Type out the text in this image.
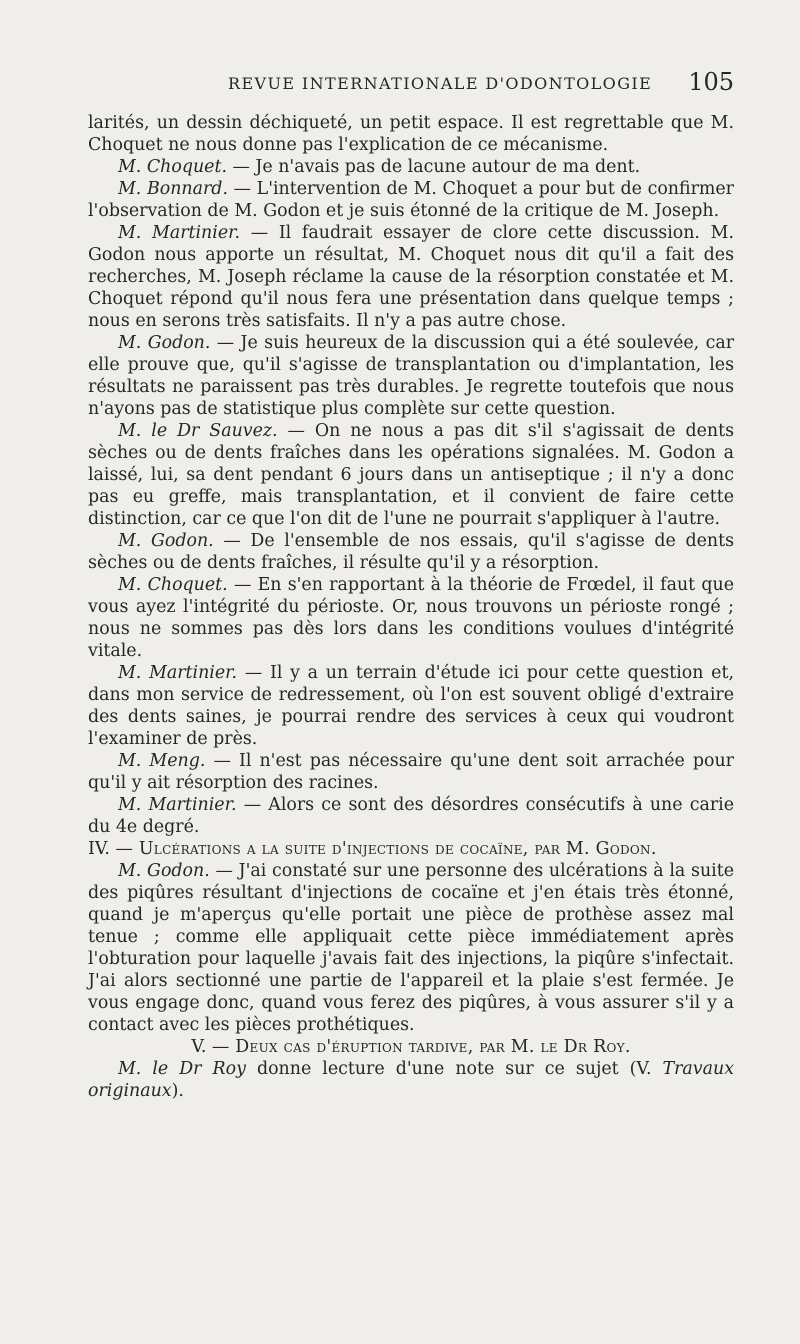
REVUE INTERNATIONALE D'ODONTOLOGIE 105

larités, un dessin déchiqueté, un petit espace. Il est regrettable que M. Choquet ne nous donne pas l'explication de ce mécanisme.

M. Choquet. — Je n'avais pas de lacune autour de ma dent.

M. Bonnard. — L'intervention de M. Choquet a pour but de confirmer l'observation de M. Godon et je suis étonné de la critique de M. Joseph.

M. Martinier. — Il faudrait essayer de clore cette discussion. M. Godon nous apporte un résultat, M. Choquet nous dit qu'il a fait des recherches, M. Joseph réclame la cause de la résorption constatée et M. Choquet répond qu'il nous fera une présentation dans quelque temps ; nous en serons très satisfaits. Il n'y a pas autre chose.

M. Godon. — Je suis heureux de la discussion qui a été soulevée, car elle prouve que, qu'il s'agisse de transplantation ou d'implantation, les résultats ne paraissent pas très durables. Je regrette toutefois que nous n'ayons pas de statistique plus complète sur cette question.

M. le Dr Sauvez. — On ne nous a pas dit s'il s'agissait de dents sèches ou de dents fraîches dans les opérations signalées. M. Godon a laissé, lui, sa dent pendant 6 jours dans un antiseptique ; il n'y a donc pas eu greffe, mais transplantation, et il convient de faire cette distinction, car ce que l'on dit de l'une ne pourrait s'appliquer à l'autre.

M. Godon. — De l'ensemble de nos essais, qu'il s'agisse de dents sèches ou de dents fraîches, il résulte qu'il y a résorption.

M. Choquet. — En s'en rapportant à la théorie de Frœdel, il faut que vous ayez l'intégrité du périoste. Or, nous trouvons un périoste rongé ; nous ne sommes pas dès lors dans les conditions voulues d'intégrité vitale.

M. Martinier. — Il y a un terrain d'étude ici pour cette question et, dans mon service de redressement, où l'on est souvent obligé d'extraire des dents saines, je pourrai rendre des services à ceux qui voudront l'examiner de près.

M. Meng. — Il n'est pas nécessaire qu'une dent soit arrachée pour qu'il y ait résorption des racines.

M. Martinier. — Alors ce sont des désordres consécutifs à une carie du 4e degré.

IV. — Ulcérations a la suite d'injections de cocaïne, par M. Godon.

M. Godon. — J'ai constaté sur une personne des ulcérations à la suite des piqûres résultant d'injections de cocaïne et j'en étais très étonné, quand je m'aperçus qu'elle portait une pièce de prothèse assez mal tenue ; comme elle appliquait cette pièce immédiatement après l'obturation pour laquelle j'avais fait des injections, la piqûre s'infectait. J'ai alors sectionné une partie de l'appareil et la plaie s'est fermée. Je vous engage donc, quand vous ferez des piqûres, à vous assurer s'il y a contact avec les pièces prothétiques.

V. — Deux cas d'éruption tardive, par M. le Dr Roy.

M. le Dr Roy donne lecture d'une note sur ce sujet (V. Travaux originaux).
